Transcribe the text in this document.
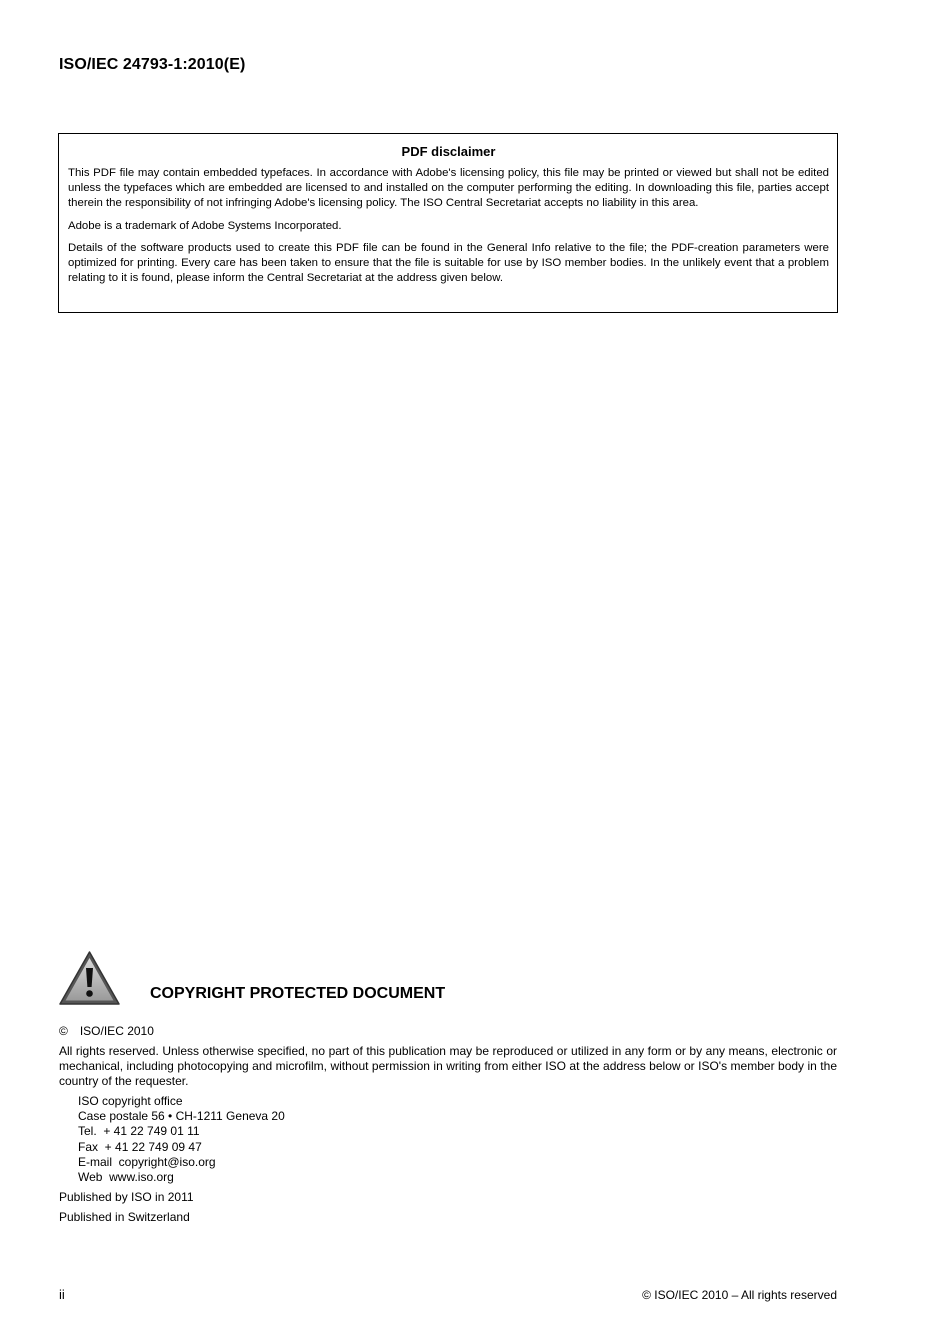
ISO/IEC 24793-1:2010(E)
PDF disclaimer

This PDF file may contain embedded typefaces. In accordance with Adobe's licensing policy, this file may be printed or viewed but shall not be edited unless the typefaces which are embedded are licensed to and installed on the computer performing the editing. In downloading this file, parties accept therein the responsibility of not infringing Adobe's licensing policy. The ISO Central Secretariat accepts no liability in this area.

Adobe is a trademark of Adobe Systems Incorporated.

Details of the software products used to create this PDF file can be found in the General Info relative to the file; the PDF-creation parameters were optimized for printing. Every care has been taken to ensure that the file is suitable for use by ISO member bodies. In the unlikely event that a problem relating to it is found, please inform the Central Secretariat at the address given below.

COPYRIGHT PROTECTED DOCUMENT
© ISO/IEC 2010

All rights reserved. Unless otherwise specified, no part of this publication may be reproduced or utilized in any form or by any means, electronic or mechanical, including photocopying and microfilm, without permission in writing from either ISO at the address below or ISO's member body in the country of the requester.

ISO copyright office
Case postale 56 • CH-1211 Geneva 20
Tel.  + 41 22 749 01 11
Fax  + 41 22 749 09 47
E-mail  copyright@iso.org
Web  www.iso.org
Published by ISO in 2011
Published in Switzerland
ii	© ISO/IEC 2010 – All rights reserved
